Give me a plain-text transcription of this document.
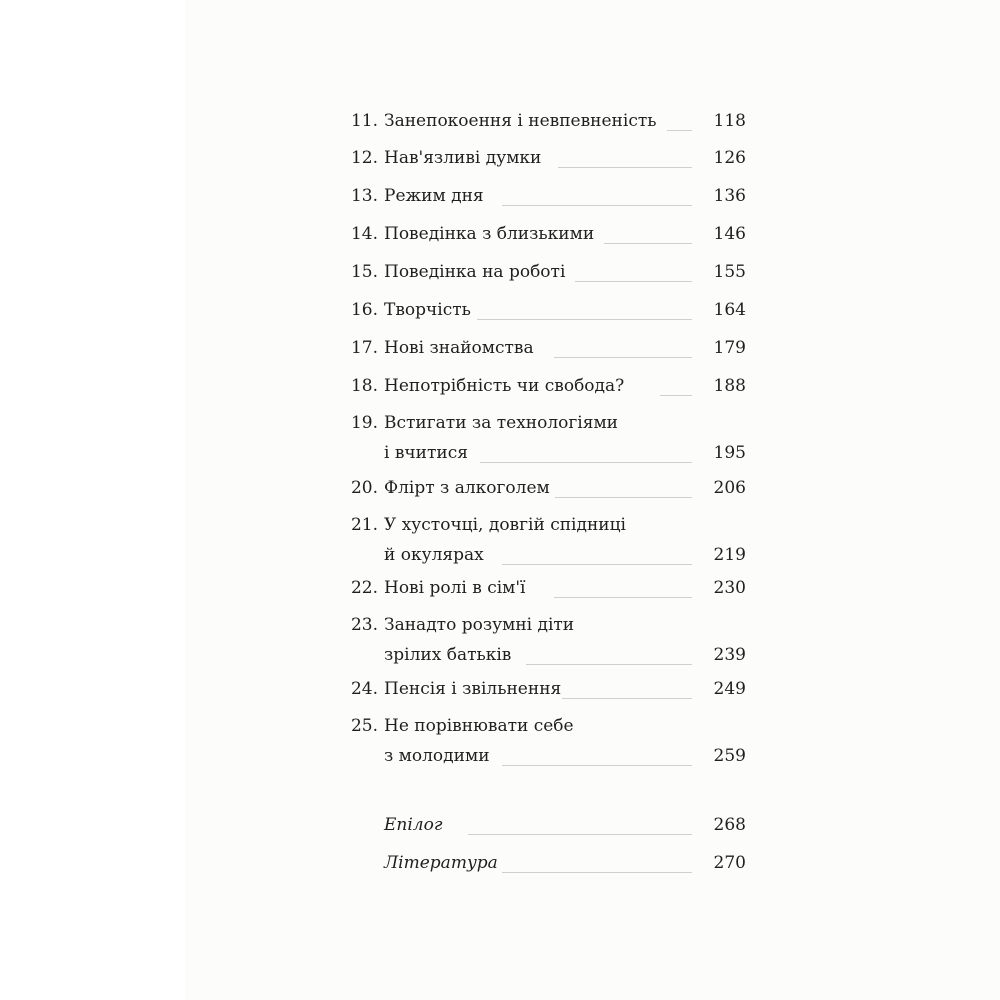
11. Занепокоення і невпевненість	118
12. Нав'язливі думки	126
13. Режим дня	136
14. Поведінка з близькими	146
15. Поведінка на роботі	155
16. Творчість	164
17. Нові знайомства	179
18. Непотрібність чи свобода?	188
19. Встигати за технологіями
і вчитися	195
20. Флірт з алкоголем	206
21. У хусточці, довгій спідниці
й окулярах	219
22. Нові ролі в сім'ї	230
23. Занадто розумні діти
зрілих батьків	239
24. Пенсія і звільнення	249
25. Не порівнювати себе
з молодими	259
Епілог	268
Література	270
